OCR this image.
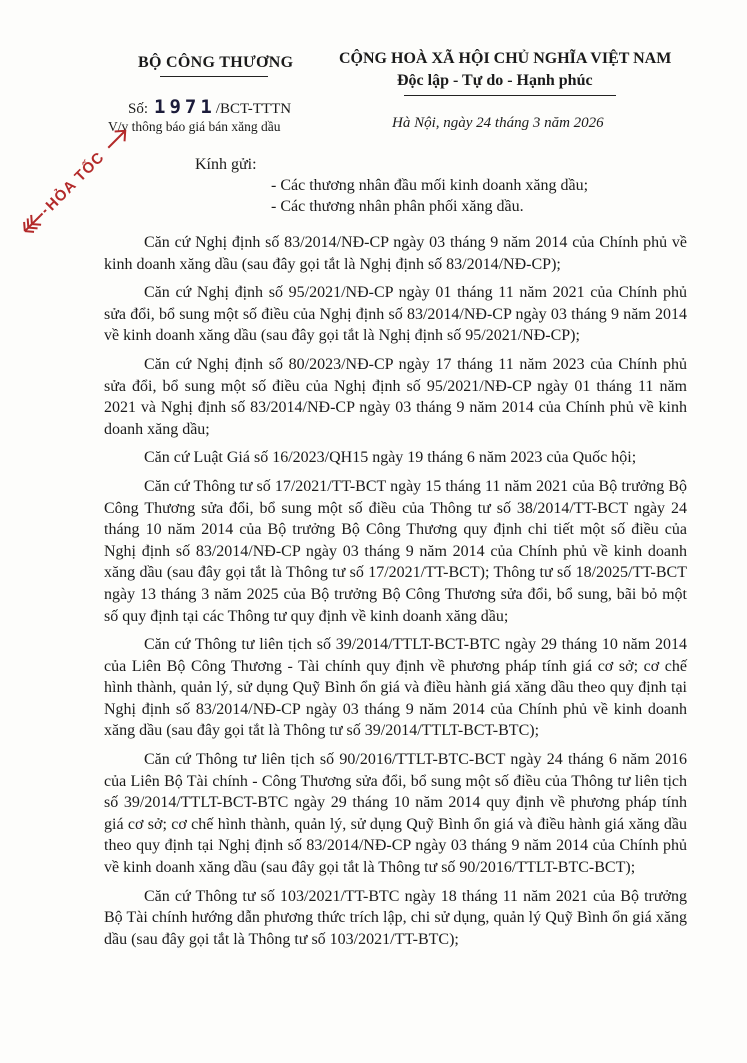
BỘ CÔNG THƯƠNG	CỘNG HOÀ XÃ HỘI CHỦ NGHĨA VIỆT NAM
Độc lập - Tự do - Hạnh phúc
Số: 1971/BCT-TTTN
V/v thông báo giá bán xăng dầu	Hà Nội, ngày 24 tháng 3 năm 2026
Kính gửi:
- Các thương nhân đầu mối kinh doanh xăng dầu;
- Các thương nhân phân phối xăng dầu.
HỎA TỐC

Căn cứ Nghị định số 83/2014/NĐ-CP ngày 03 tháng 9 năm 2014 của Chính phủ về kinh doanh xăng dầu (sau đây gọi tắt là Nghị định số 83/2014/NĐ-CP);

Căn cứ Nghị định số 95/2021/NĐ-CP ngày 01 tháng 11 năm 2021 của Chính phủ sửa đổi, bổ sung một số điều của Nghị định số 83/2014/NĐ-CP ngày 03 tháng 9 năm 2014 về kinh doanh xăng dầu (sau đây gọi tắt là Nghị định số 95/2021/NĐ-CP);

Căn cứ Nghị định số 80/2023/NĐ-CP ngày 17 tháng 11 năm 2023 của Chính phủ sửa đổi, bổ sung một số điều của Nghị định số 95/2021/NĐ-CP ngày 01 tháng 11 năm 2021 và Nghị định số 83/2014/NĐ-CP ngày 03 tháng 9 năm 2014 của Chính phủ về kinh doanh xăng dầu;

Căn cứ Luật Giá số 16/2023/QH15 ngày 19 tháng 6 năm 2023 của Quốc hội;

Căn cứ Thông tư số 17/2021/TT-BCT ngày 15 tháng 11 năm 2021 của Bộ trưởng Bộ Công Thương sửa đổi, bổ sung một số điều của Thông tư số 38/2014/TT-BCT ngày 24 tháng 10 năm 2014 của Bộ trưởng Bộ Công Thương quy định chi tiết một số điều của Nghị định số 83/2014/NĐ-CP ngày 03 tháng 9 năm 2014 của Chính phủ về kinh doanh xăng dầu (sau đây gọi tắt là Thông tư số 17/2021/TT-BCT); Thông tư số 18/2025/TT-BCT ngày 13 tháng 3 năm 2025 của Bộ trưởng Bộ Công Thương sửa đổi, bổ sung, bãi bỏ một số quy định tại các Thông tư quy định về kinh doanh xăng dầu;

Căn cứ Thông tư liên tịch số 39/2014/TTLT-BCT-BTC ngày 29 tháng 10 năm 2014 của Liên Bộ Công Thương - Tài chính quy định về phương pháp tính giá cơ sở; cơ chế hình thành, quản lý, sử dụng Quỹ Bình ổn giá và điều hành giá xăng dầu theo quy định tại Nghị định số 83/2014/NĐ-CP ngày 03 tháng 9 năm 2014 của Chính phủ về kinh doanh xăng dầu (sau đây gọi tắt là Thông tư số 39/2014/TTLT-BCT-BTC);

Căn cứ Thông tư liên tịch số 90/2016/TTLT-BTC-BCT ngày 24 tháng 6 năm 2016 của Liên Bộ Tài chính - Công Thương sửa đổi, bổ sung một số điều của Thông tư liên tịch số 39/2014/TTLT-BCT-BTC ngày 29 tháng 10 năm 2014 quy định về phương pháp tính giá cơ sở; cơ chế hình thành, quản lý, sử dụng Quỹ Bình ổn giá và điều hành giá xăng dầu theo quy định tại Nghị định số 83/2014/NĐ-CP ngày 03 tháng 9 năm 2014 của Chính phủ về kinh doanh xăng dầu (sau đây gọi tắt là Thông tư số 90/2016/TTLT-BTC-BCT);

Căn cứ Thông tư số 103/2021/TT-BTC ngày 18 tháng 11 năm 2021 của Bộ trưởng Bộ Tài chính hướng dẫn phương thức trích lập, chi sử dụng, quản lý Quỹ Bình ổn giá xăng dầu (sau đây gọi tắt là Thông tư số 103/2021/TT-BTC);
